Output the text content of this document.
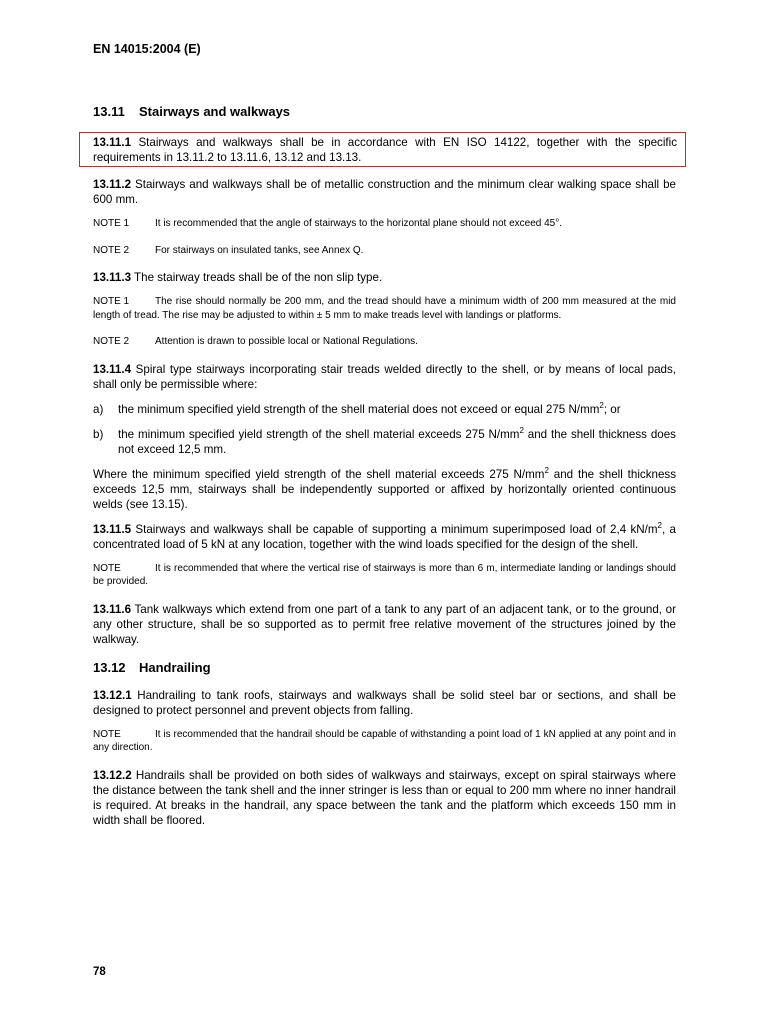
EN 14015:2004 (E)
13.11 Stairways and walkways
13.11.1 Stairways and walkways shall be in accordance with EN ISO 14122, together with the specific requirements in 13.11.2 to 13.11.6, 13.12 and 13.13.
13.11.2 Stairways and walkways shall be of metallic construction and the minimum clear walking space shall be 600 mm.
NOTE 1	It is recommended that the angle of stairways to the horizontal plane should not exceed 45°.
NOTE 2	For stairways on insulated tanks, see Annex Q.
13.11.3 The stairway treads shall be of the non slip type.
NOTE 1	The rise should normally be 200 mm, and the tread should have a minimum width of 200 mm measured at the mid length of tread. The rise may be adjusted to within ± 5 mm to make treads level with landings or platforms.
NOTE 2	Attention is drawn to possible local or National Regulations.
13.11.4 Spiral type stairways incorporating stair treads welded directly to the shell, or by means of local pads, shall only be permissible where:
a) the minimum specified yield strength of the shell material does not exceed or equal 275 $N/mm^2$; or
b) the minimum specified yield strength of the shell material exceeds 275 $N/mm^2$ and the shell thickness does not exceed 12,5 mm.
Where the minimum specified yield strength of the shell material exceeds 275 $N/mm^2$ and the shell thickness exceeds 12,5 mm, stairways shall be independently supported or affixed by horizontally oriented continuous welds (see 13.15).
13.11.5 Stairways and walkways shall be capable of supporting a minimum superimposed load of 2,4 $kN/m^2$, a concentrated load of 5 kN at any location, together with the wind loads specified for the design of the shell.
NOTE	It is recommended that where the vertical rise of stairways is more than 6 m, intermediate landing or landings should be provided.
13.11.6 Tank walkways which extend from one part of a tank to any part of an adjacent tank, or to the ground, or any other structure, shall be so supported as to permit free relative movement of the structures joined by the walkway.
13.12 Handrailing
13.12.1 Handrailing to tank roofs, stairways and walkways shall be solid steel bar or sections, and shall be designed to protect personnel and prevent objects from falling.
NOTE	It is recommended that the handrail should be capable of withstanding a point load of 1 kN applied at any point and in any direction.
13.12.2 Handrails shall be provided on both sides of walkways and stairways, except on spiral stairways where the distance between the tank shell and the inner stringer is less than or equal to 200 mm where no inner handrail is required. At breaks in the handrail, any space between the tank and the platform which exceeds 150 mm in width shall be floored.
78
